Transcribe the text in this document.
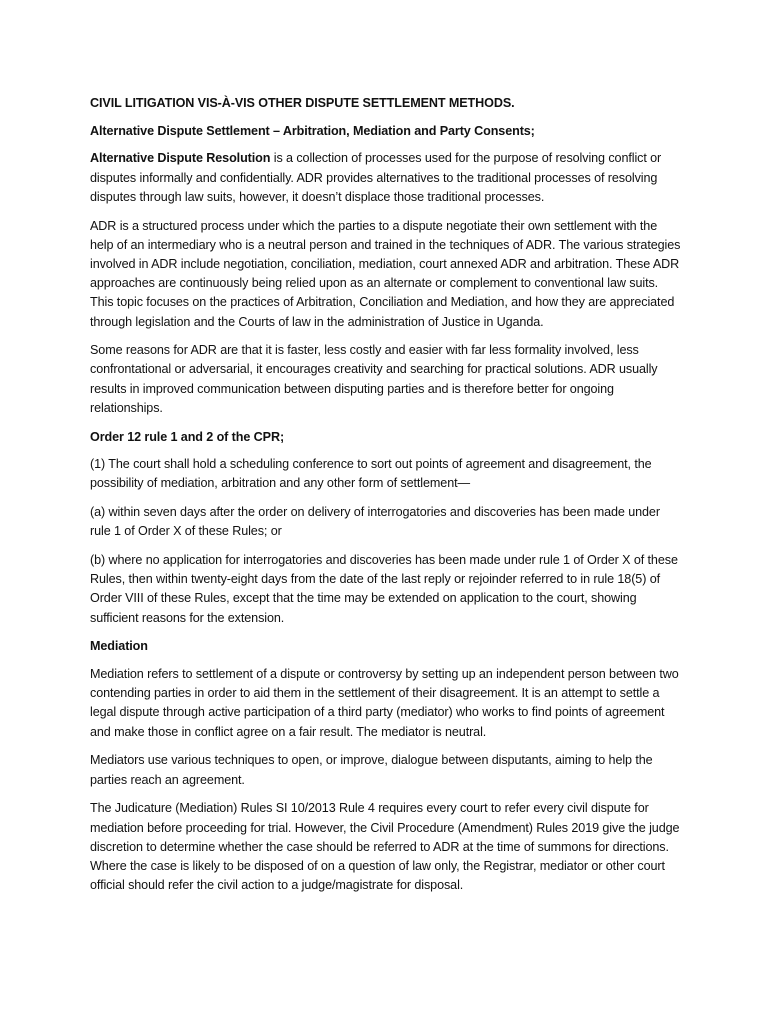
CIVIL LITIGATION VIS-À-VIS OTHER DISPUTE SETTLEMENT METHODS.

Alternative Dispute Settlement – Arbitration, Mediation and Party Consents;

Alternative Dispute Resolution is a collection of processes used for the purpose of resolving conflict or disputes informally and confidentially. ADR provides alternatives to the traditional processes of resolving disputes through law suits, however, it doesn’t displace those traditional processes.

ADR is a structured process under which the parties to a dispute negotiate their own settlement with the help of an intermediary who is a neutral person and trained in the techniques of ADR. The various strategies involved in ADR include negotiation, conciliation, mediation, court annexed ADR and arbitration. These ADR approaches are continuously being relied upon as an alternate or complement to conventional law suits. This topic focuses on the practices of Arbitration, Conciliation and Mediation, and how they are appreciated through legislation and the Courts of law in the administration of Justice in Uganda.

Some reasons for ADR are that it is faster, less costly and easier with far less formality involved, less confrontational or adversarial, it encourages creativity and searching for practical solutions. ADR usually results in improved communication between disputing parties and is therefore better for ongoing relationships.

Order 12 rule 1 and 2 of the CPR;

(1) The court shall hold a scheduling conference to sort out points of agreement and disagreement, the possibility of mediation, arbitration and any other form of settlement—

(a) within seven days after the order on delivery of interrogatories and discoveries has been made under rule 1 of Order X of these Rules; or

(b) where no application for interrogatories and discoveries has been made under rule 1 of Order X of these Rules, then within twenty-eight days from the date of the last reply or rejoinder referred to in rule 18(5) of Order VIII of these Rules, except that the time may be extended on application to the court, showing sufficient reasons for the extension.

Mediation

Mediation refers to settlement of a dispute or controversy by setting up an independent person between two contending parties in order to aid them in the settlement of their disagreement. It is an attempt to settle a legal dispute through active participation of a third party (mediator) who works to find points of agreement and make those in conflict agree on a fair result. The mediator is neutral.

Mediators use various techniques to open, or improve, dialogue between disputants, aiming to help the parties reach an agreement.

The Judicature (Mediation) Rules SI 10/2013 Rule 4 requires every court to refer every civil dispute for mediation before proceeding for trial. However, the Civil Procedure (Amendment) Rules 2019 give the judge discretion to determine whether the case should be referred to ADR at the time of summons for directions. Where the case is likely to be disposed of on a question of law only, the Registrar, mediator or other court official should refer the civil action to a judge/magistrate for disposal.
